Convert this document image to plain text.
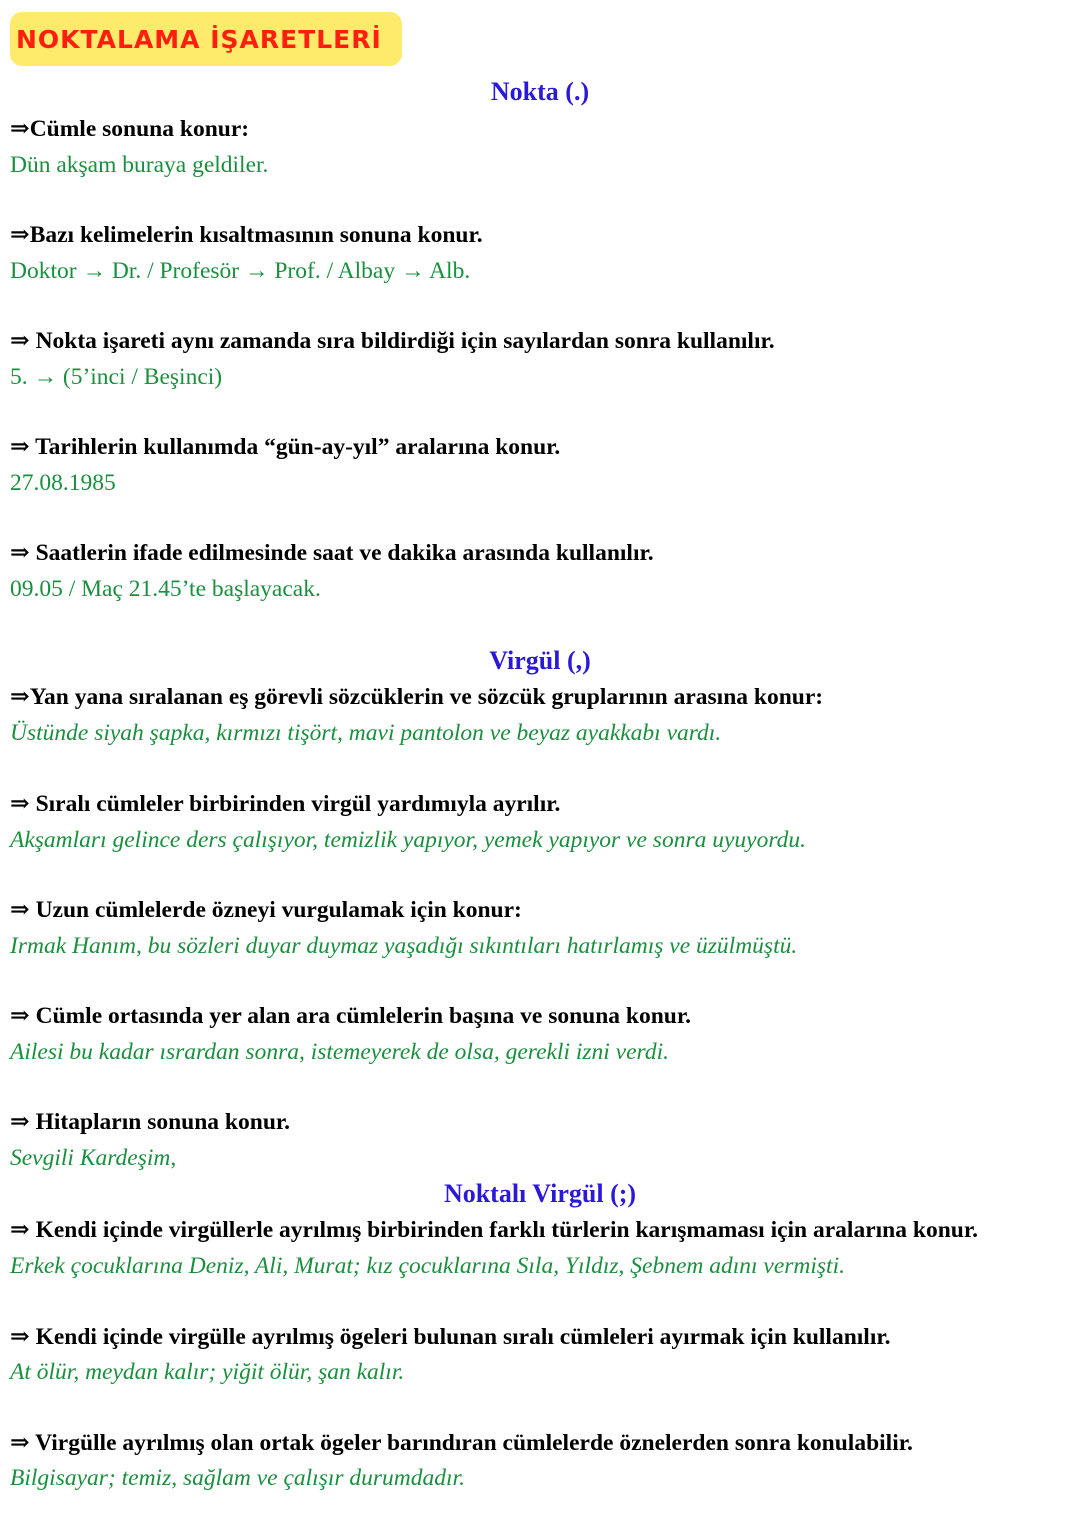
NOKTALAMA İŞARETLERİ
Nokta (.)
⇒Cümle sonuna konur:
Dün akşam buraya geldiler.
⇒Bazı kelimelerin kısaltmasının sonuna konur.
Doktor → Dr. / Profesör → Prof. / Albay → Alb.
⇒ Nokta işareti aynı zamanda sıra bildirdiği için sayılardan sonra kullanılır.
5. → (5’inci / Beşinci)
⇒ Tarihlerin kullanımda “gün-ay-yıl” aralarına konur.
27.08.1985
⇒ Saatlerin ifade edilmesinde saat ve dakika arasında kullanılır.
09.05 / Maç 21.45’te başlayacak.
Virgül (,)
⇒Yan yana sıralanan eş görevli sözcüklerin ve sözcük gruplarının arasına konur:
Üstünde siyah şapka, kırmızı tişört, mavi pantolon ve beyaz ayakkabı vardı.
⇒ Sıralı cümleler birbirinden virgül yardımıyla ayrılır.
Akşamları gelince ders çalışıyor, temizlik yapıyor, yemek yapıyor ve sonra uyuyordu.
⇒ Uzun cümlelerde özneyi vurgulamak için konur:
Irmak Hanım, bu sözleri duyar duymaz yaşadığı sıkıntıları hatırlamış ve üzülmüştü.
⇒ Cümle ortasında yer alan ara cümlelerin başına ve sonuna konur.
Ailesi bu kadar ısrardan sonra, istemeyerek de olsa, gerekli izni verdi.
⇒ Hitapların sonuna konur.
Sevgili Kardeşim,
Noktalı Virgül (;)
⇒ Kendi içinde virgüllerle ayrılmış birbirinden farklı türlerin karışmaması için aralarına konur.
Erkek çocuklarına Deniz, Ali, Murat; kız çocuklarına Sıla, Yıldız, Şebnem adını vermişti.
⇒ Kendi içinde virgülle ayrılmış ögeleri bulunan sıralı cümleleri ayırmak için kullanılır.
At ölür, meydan kalır; yiğit ölür, şan kalır.
⇒ Virgülle ayrılmış olan ortak ögeler barındıran cümlelerde öznelerden sonra konulabilir.
Bilgisayar; temiz, sağlam ve çalışır durumdadır.
